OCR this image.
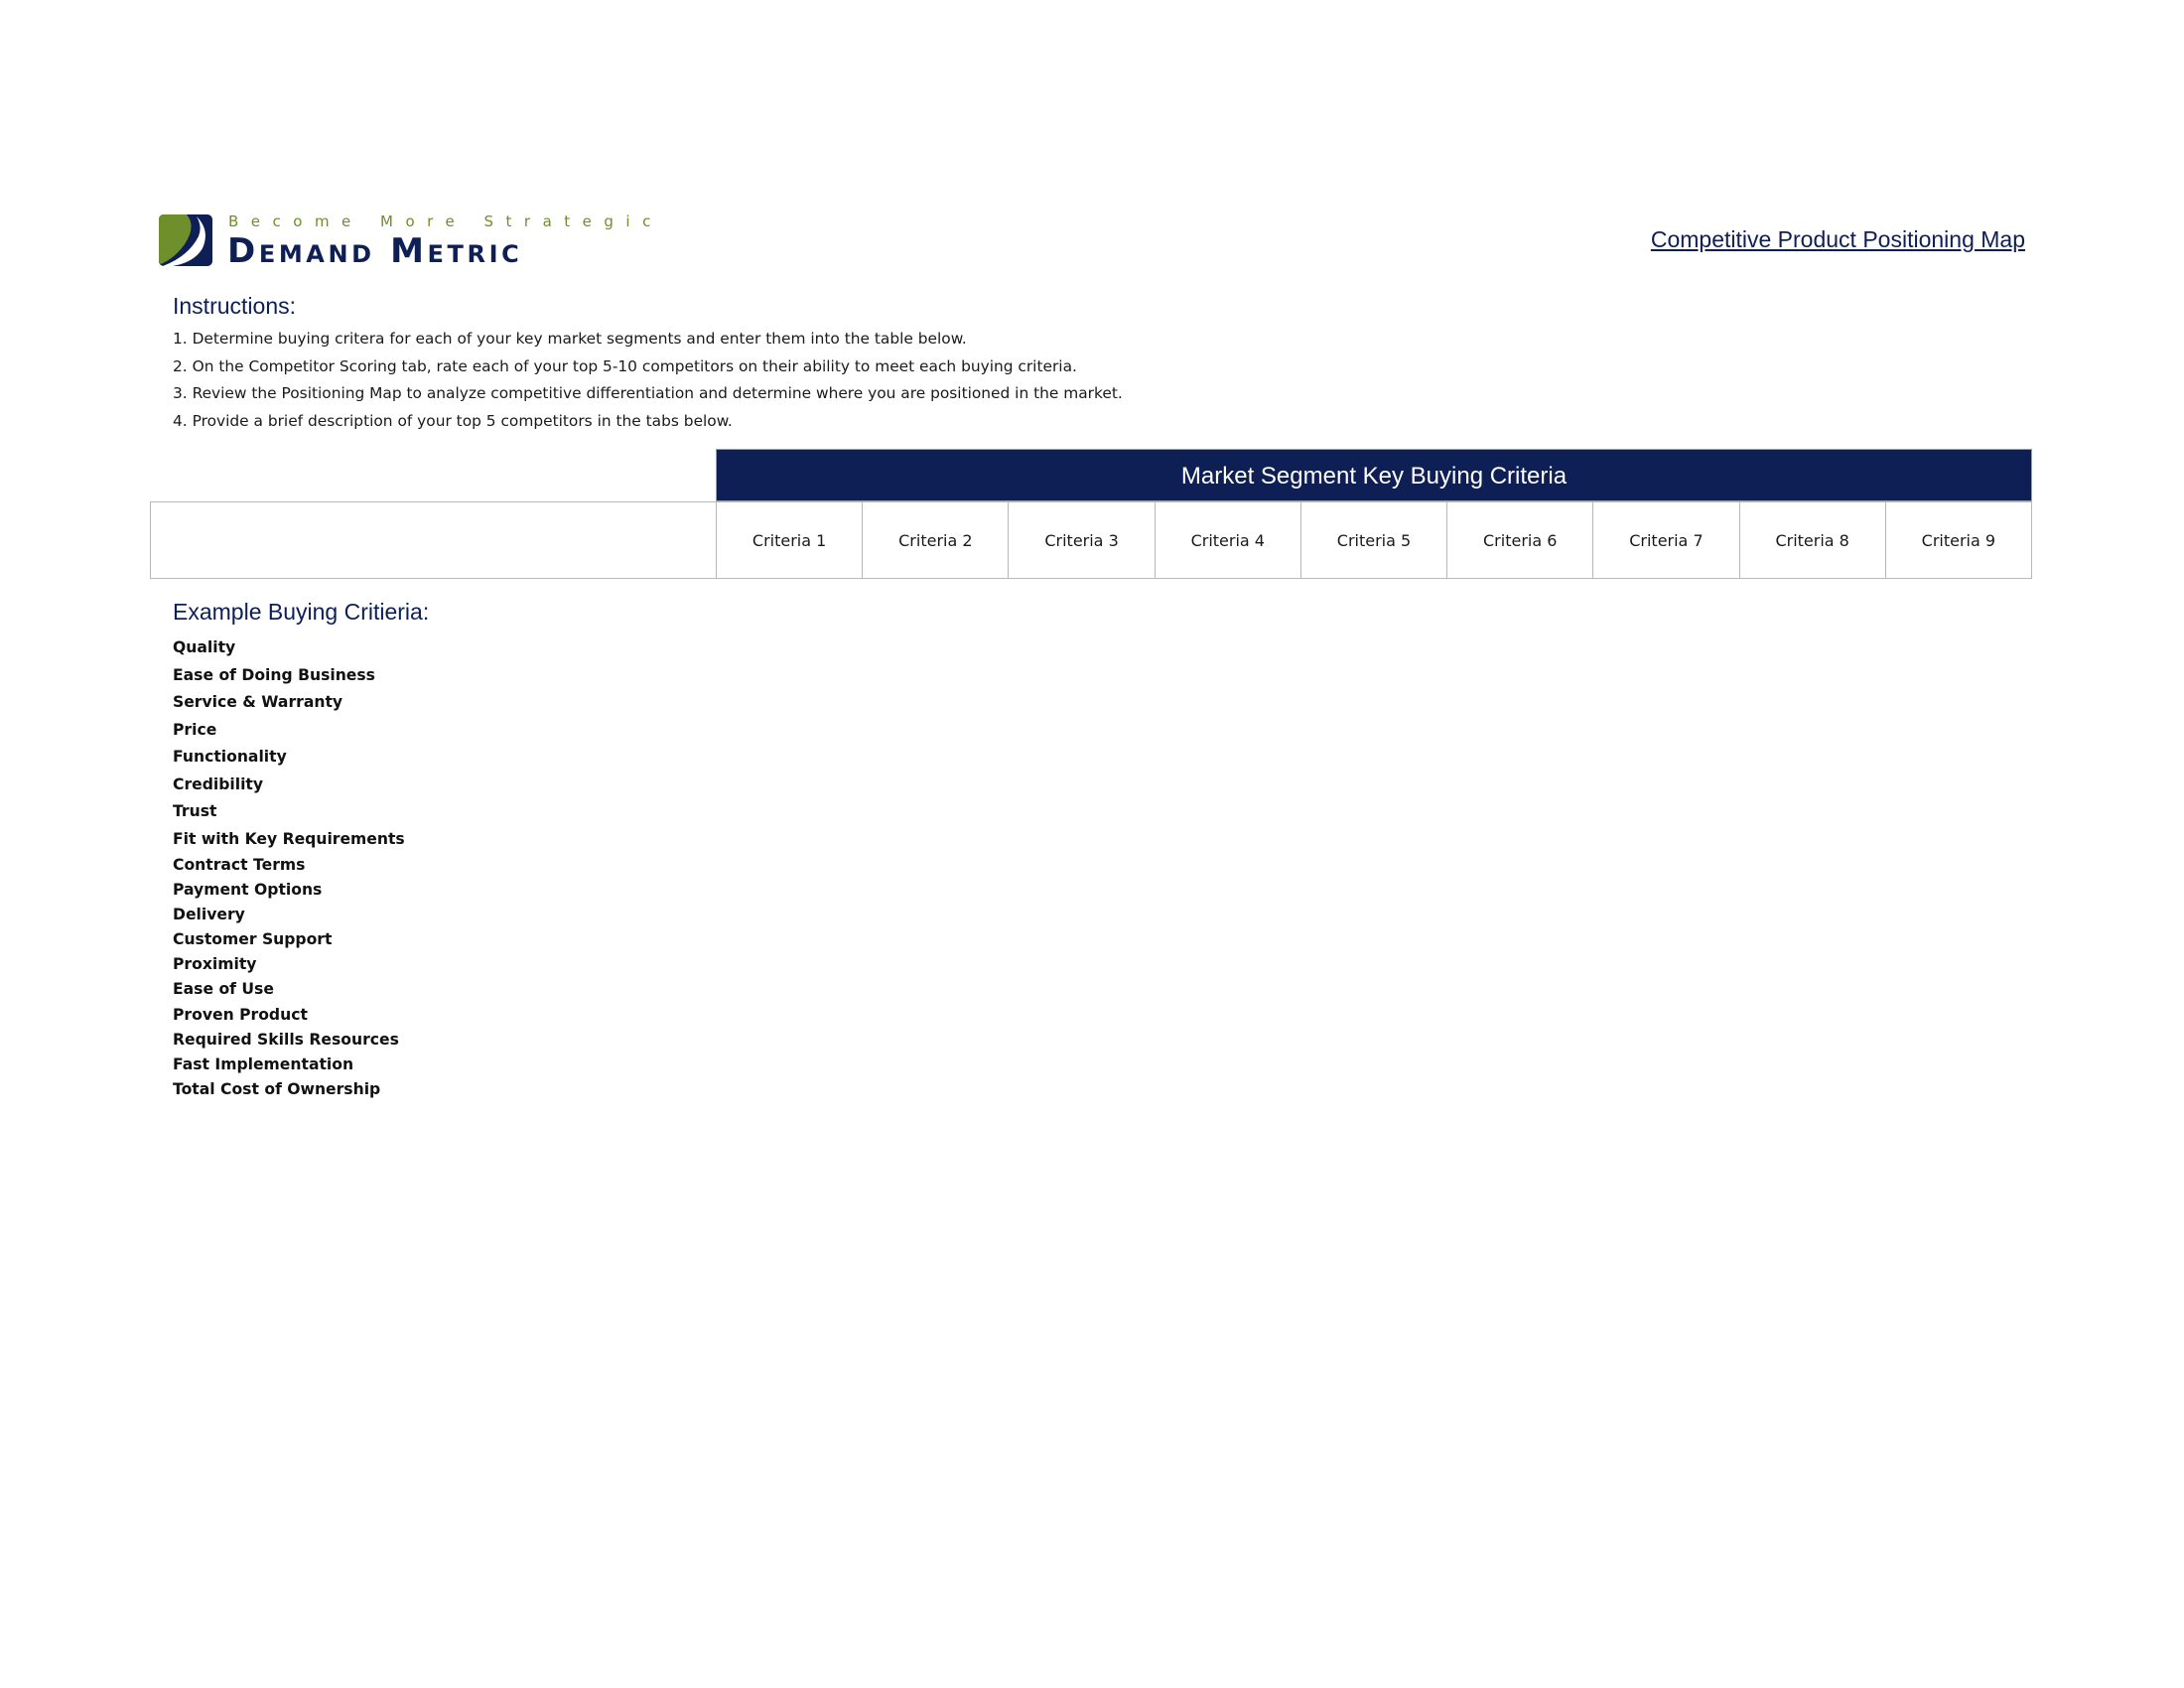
Become More Strategic
Demand Metric	Competitive Product Positioning Map
Instructions:
1. Determine buying critera for each of your key market segments and enter them into the table below.
2. On the Competitor Scoring tab, rate each of your top 5-10 competitors on their ability to meet each buying criteria.
3. Review the Positioning Map to analyze competitive differentiation and determine where you are positioned in the market.
4. Provide a brief description of your top 5 competitors in the tabs below.
Market Segment Key Buying Criteria
Criteria 1	Criteria 2	Criteria 3	Criteria 4	Criteria 5	Criteria 6	Criteria 7	Criteria 8	Criteria 9
Example Buying Critieria:
Quality
Ease of Doing Business
Service & Warranty
Price
Functionality
Credibility
Trust
Fit with Key Requirements
Contract Terms
Payment Options
Delivery
Customer Support
Proximity
Ease of Use
Proven Product
Required Skills Resources
Fast Implementation
Total Cost of Ownership
